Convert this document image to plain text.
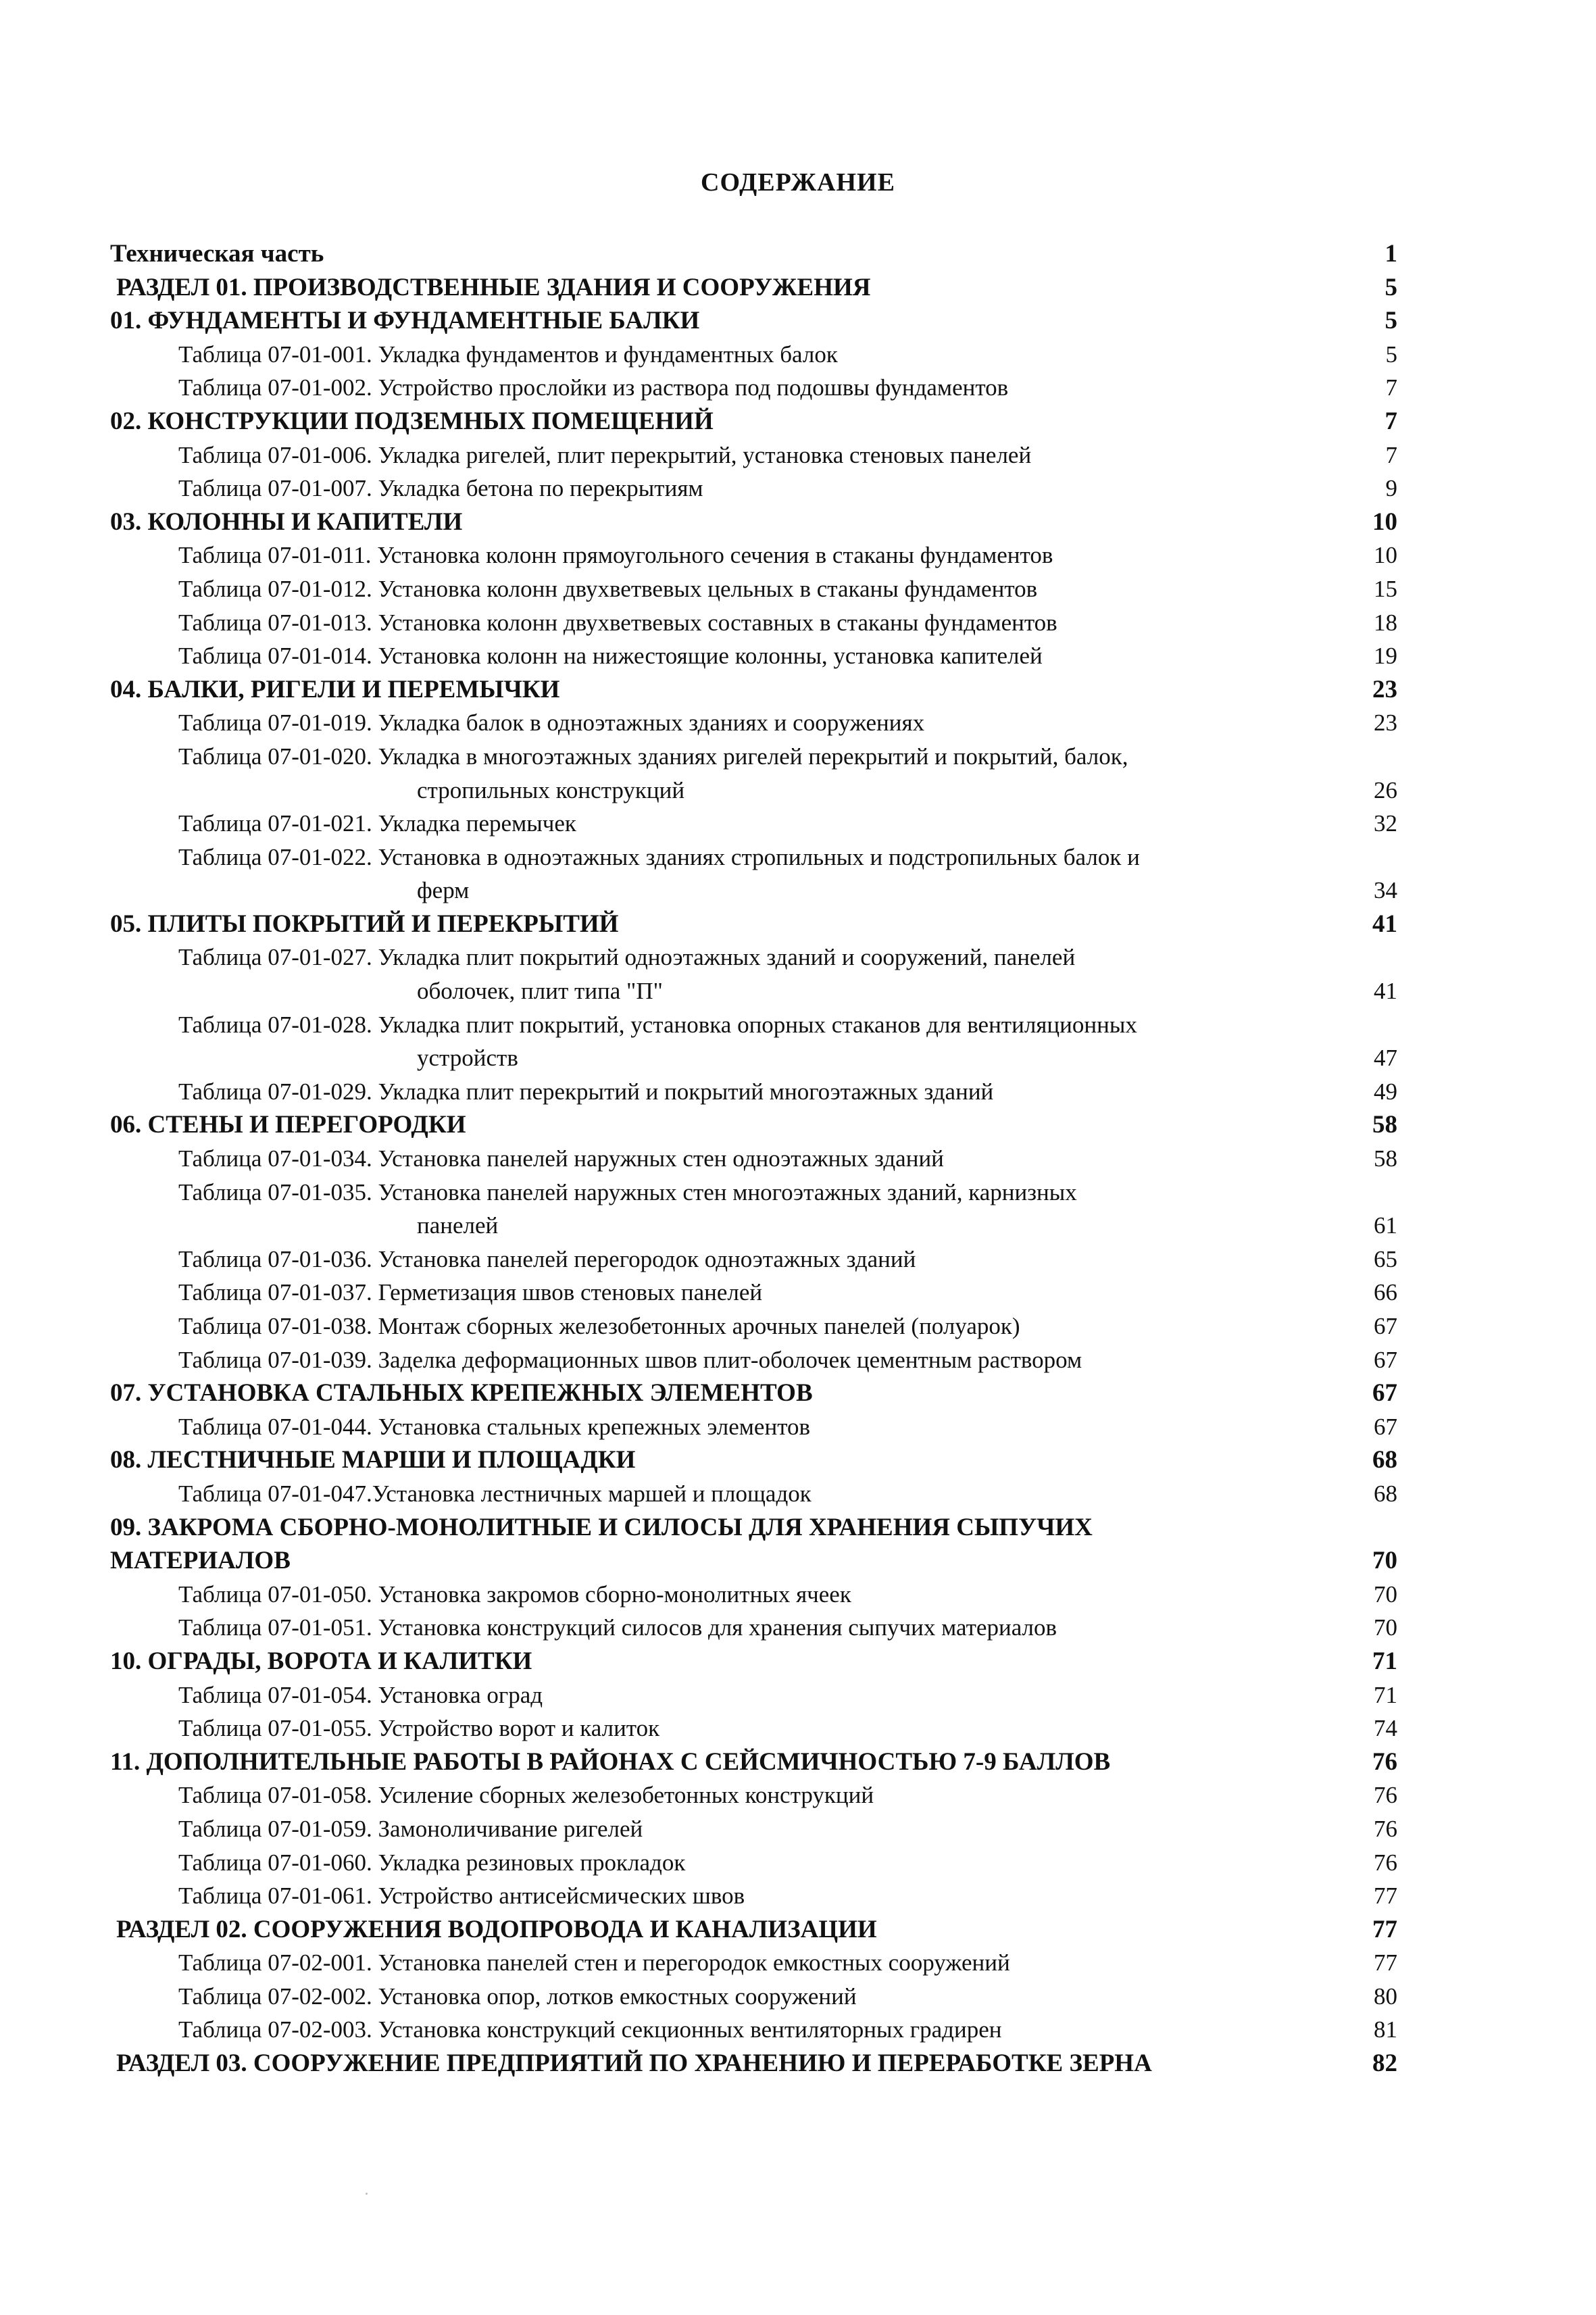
СОДЕРЖАНИЕ
Техническая часть	1
РАЗДЕЛ 01. ПРОИЗВОДСТВЕННЫЕ ЗДАНИЯ И СООРУЖЕНИЯ	5
01. ФУНДАМЕНТЫ И ФУНДАМЕНТНЫЕ БАЛКИ	5
Таблица 07-01-001. Укладка фундаментов и фундаментных балок	5
Таблица 07-01-002. Устройство прослойки из раствора под подошвы фундаментов	7
02. КОНСТРУКЦИИ ПОДЗЕМНЫХ ПОМЕЩЕНИЙ	7
Таблица 07-01-006. Укладка ригелей, плит перекрытий, установка стеновых панелей	7
Таблица 07-01-007. Укладка бетона по перекрытиям	9
03. КОЛОННЫ И КАПИТЕЛИ	10
Таблица 07-01-011. Установка колонн прямоугольного сечения в стаканы фундаментов	10
Таблица 07-01-012. Установка колонн двухветвевых цельных в стаканы фундаментов	15
Таблица 07-01-013. Установка колонн двухветвевых составных в стаканы фундаментов	18
Таблица 07-01-014. Установка колонн на нижестоящие колонны, установка капителей	19
04. БАЛКИ, РИГЕЛИ И ПЕРЕМЫЧКИ	23
Таблица 07-01-019. Укладка балок в одноэтажных зданиях и сооружениях	23
Таблица 07-01-020. Укладка в многоэтажных зданиях ригелей перекрытий и покрытий, балок,
стропильных конструкций	26
Таблица 07-01-021. Укладка перемычек	32
Таблица 07-01-022. Установка в одноэтажных зданиях стропильных и подстропильных балок и
ферм	34
05. ПЛИТЫ ПОКРЫТИЙ И ПЕРЕКРЫТИЙ	41
Таблица 07-01-027. Укладка плит покрытий одноэтажных зданий и сооружений, панелей
оболочек, плит типа "П"	41
Таблица 07-01-028. Укладка плит покрытий, установка опорных стаканов для вентиляционных
устройств	47
Таблица 07-01-029. Укладка плит перекрытий и покрытий многоэтажных зданий	49
06. СТЕНЫ И ПЕРЕГОРОДКИ	58
Таблица 07-01-034. Установка панелей наружных стен одноэтажных зданий	58
Таблица 07-01-035. Установка панелей наружных стен многоэтажных зданий, карнизных
панелей	61
Таблица 07-01-036. Установка панелей перегородок одноэтажных зданий	65
Таблица 07-01-037. Герметизация швов стеновых панелей	66
Таблица 07-01-038. Монтаж сборных железобетонных арочных панелей (полуарок)	67
Таблица 07-01-039. Заделка деформационных швов плит-оболочек цементным раствором	67
07. УСТАНОВКА СТАЛЬНЫХ КРЕПЕЖНЫХ ЭЛЕМЕНТОВ	67
Таблица 07-01-044. Установка стальных крепежных элементов	67
08. ЛЕСТНИЧНЫЕ МАРШИ И ПЛОЩАДКИ	68
Таблица 07-01-047.Установка лестничных маршей и площадок	68
09. ЗАКРОМА СБОРНО-МОНОЛИТНЫЕ И СИЛОСЫ ДЛЯ ХРАНЕНИЯ СЫПУЧИХ
МАТЕРИАЛОВ	70
Таблица 07-01-050. Установка закромов сборно-монолитных ячеек	70
Таблица 07-01-051. Установка конструкций силосов для хранения сыпучих материалов	70
10. ОГРАДЫ, ВОРОТА И КАЛИТКИ	71
Таблица 07-01-054. Установка оград	71
Таблица 07-01-055. Устройство ворот и калиток	74
11. ДОПОЛНИТЕЛЬНЫЕ РАБОТЫ В РАЙОНАХ С СЕЙСМИЧНОСТЬЮ 7-9 БАЛЛОВ	76
Таблица 07-01-058. Усиление сборных железобетонных конструкций	76
Таблица 07-01-059. Замоноличивание ригелей	76
Таблица 07-01-060. Укладка резиновых прокладок	76
Таблица 07-01-061. Устройство антисейсмических швов	77
РАЗДЕЛ 02. СООРУЖЕНИЯ ВОДОПРОВОДА И КАНАЛИЗАЦИИ	77
Таблица 07-02-001. Установка панелей стен и перегородок емкостных сооружений	77
Таблица 07-02-002. Установка опор, лотков емкостных сооружений	80
Таблица 07-02-003. Установка конструкций секционных вентиляторных градирен	81
РАЗДЕЛ 03. СООРУЖЕНИЕ ПРЕДПРИЯТИЙ ПО ХРАНЕНИЮ И ПЕРЕРАБОТКЕ ЗЕРНА	82
